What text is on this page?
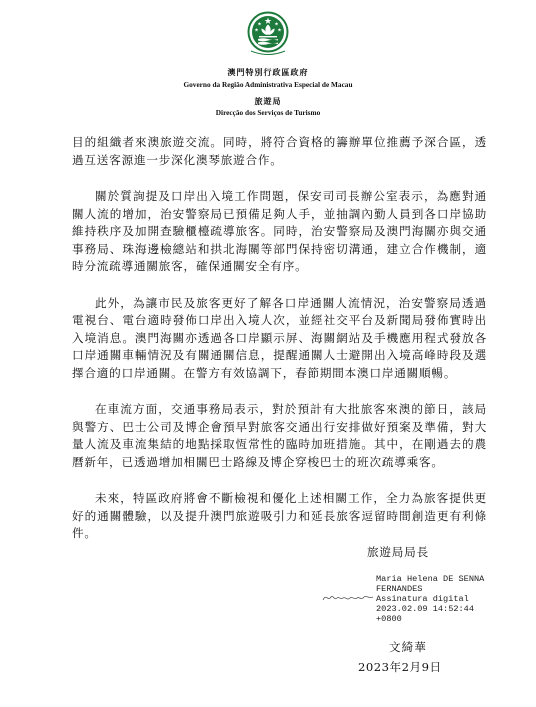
澳門特別行政區政府
Governo da Região Administrativa Especial de Macau
旅遊局
Direcção dos Serviços de Turismo

目的組織者來澳旅遊交流。同時，將符合資格的籌辦單位推薦予深合區，透過互送客源進一步深化澳琴旅遊合作。

關於質詢提及口岸出入境工作問題，保安司司長辦公室表示，為應對通關人流的增加，治安警察局已預備足夠人手，並抽調內勤人員到各口岸協助維持秩序及加開查驗櫃檯疏導旅客。同時，治安警察局及澳門海關亦與交通事務局、珠海邊檢總站和拱北海關等部門保持密切溝通，建立合作機制，適時分流疏導通關旅客，確保通關安全有序。

此外，為讓市民及旅客更好了解各口岸通關人流情況，治安警察局透過電視台、電台適時發佈口岸出入境人次，並經社交平台及新聞局發佈實時出入境消息。澳門海關亦透過各口岸顯示屏、海關網站及手機應用程式發放各口岸通關車輛情況及有關通關信息，提醒通關人士避開出入境高峰時段及選擇合適的口岸通關。在警方有效協調下，春節期間本澳口岸通關順暢。

在車流方面，交通事務局表示，對於預計有大批旅客來澳的節日，該局與警方、巴士公司及博企會預早對旅客交通出行安排做好預案及準備，對大量人流及車流集結的地點採取恆常性的臨時加班措施。其中，在剛過去的農曆新年，已透過增加相關巴士路線及博企穿梭巴士的班次疏導乘客。

未來，特區政府將會不斷檢視和優化上述相關工作，全力為旅客提供更好的通關體驗，以及提升澳門旅遊吸引力和延長旅客逗留時間創造更有利條件。

旅遊局局長
Maria Helena DE SENNA
FERNANDES
Assinatura digital
2023.02.09 14:52:44
+0800
文綺華
2023年2月9日
